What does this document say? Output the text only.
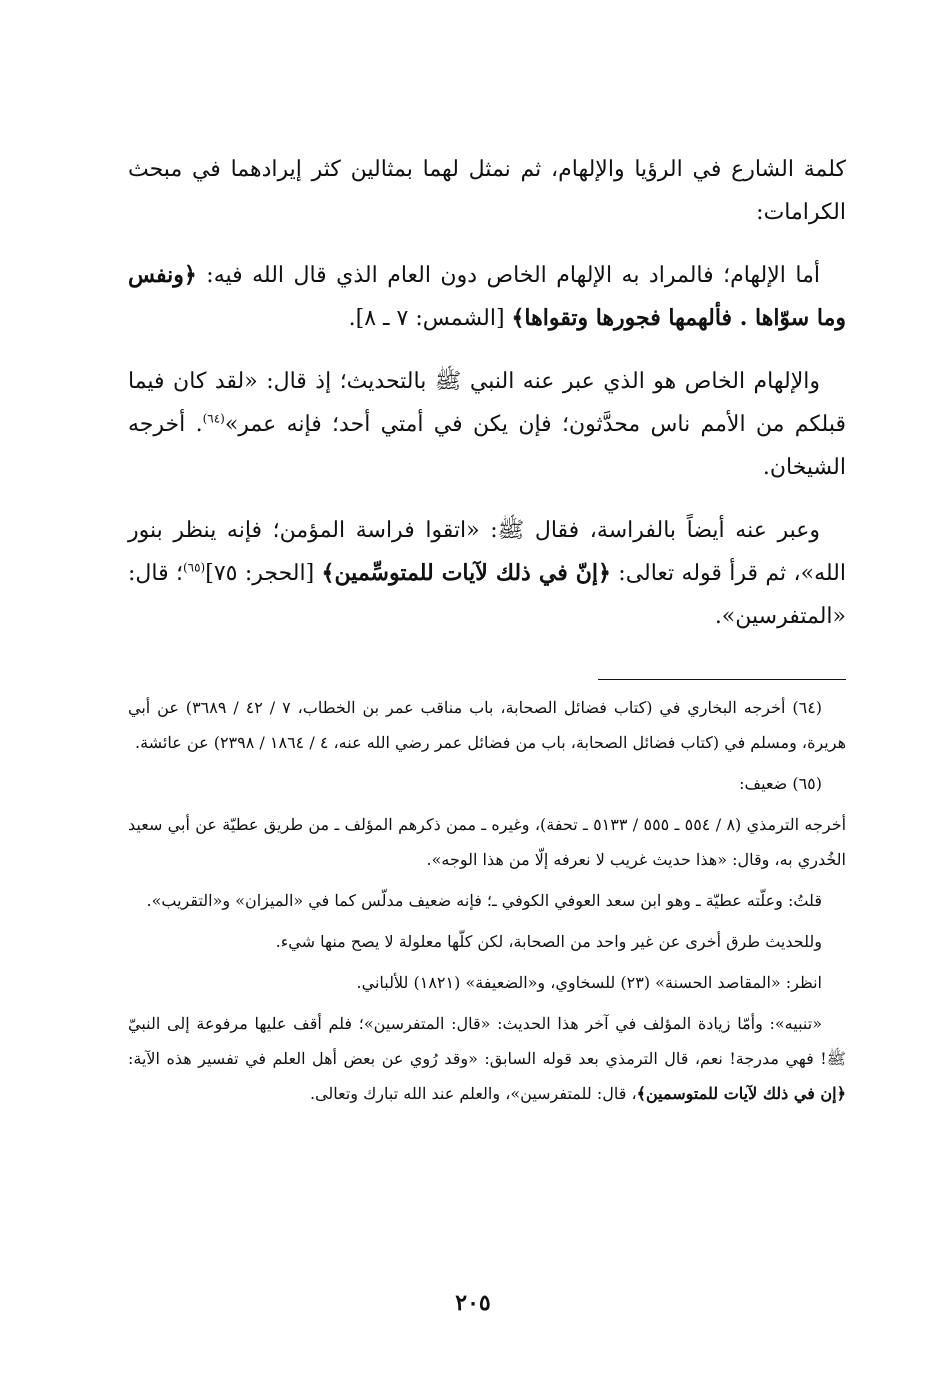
كلمة الشارع في الرؤيا والإلهام، ثم نمثل لهما بمثالين كثر إيرادهما في مبحث الكرامات:

أما الإلهام؛ فالمراد به الإلهام الخاص دون العام الذي قال الله فيه: ﴿ونفس وما سوّاها . فألهمها فجورها وتقواها﴾ [الشمس: ٧ ـ ٨].

والإلهام الخاص هو الذي عبر عنه النبي ﷺ بالتحديث؛ إذ قال: «لقد كان فيما قبلكم من الأمم ناس محدَّثون؛ فإن يكن في أمتي أحد؛ فإنه عمر»$^{(٦٤)}$. أخرجه الشيخان.

وعبر عنه أيضاً بالفراسة، فقال ﷺ: «اتقوا فراسة المؤمن؛ فإنه ينظر بنور الله»، ثم قرأ قوله تعالى: ﴿إنّ في ذلك لآيات للمتوسِّمين﴾ [الحجر: ٧٥]$^{(٦٥)}$؛ قال: «المتفرسين».

(٦٤) أخرجه البخاري في (كتاب فضائل الصحابة، باب مناقب عمر بن الخطاب، ٧ / ٤٢ / ٣٦٨٩) عن أبي هريرة، ومسلم في (كتاب فضائل الصحابة، باب من فضائل عمر رضي الله عنه، ٤ / ١٨٦٤ / ٢٣٩٨) عن عائشة.

(٦٥) ضعيف:

أخرجه الترمذي (٨ / ٥٥٤ ـ ٥٥٥ / ٥١٣٣ ـ تحفة)، وغيره ـ ممن ذكرهم المؤلف ـ من طريق عطيّة عن أبي سعيد الخُدري به، وقال: «هذا حديث غريب لا نعرفه إلّا من هذا الوجه».

قلتُ: وعلّته عطيّة ـ وهو ابن سعد العوفي الكوفي ـ؛ فإنه ضعيف مدلّس كما في «الميزان» و«التقريب».

وللحديث طرق أخرى عن غير واحد من الصحابة، لكن كلّها معلولة لا يصح منها شيء.

انظر: «المقاصد الحسنة» (٢٣) للسخاوي، و«الضعيفة» (١٨٢١) للألباني.

«تنبيه»: وأمّا زيادة المؤلف في آخر هذا الحديث: «قال: المتفرسين»؛ فلم أقف عليها مرفوعة إلى النبيّ ﷺ! فهي مدرجة! نعم، قال الترمذي بعد قوله السابق: «وقد رُوي عن بعض أهل العلم في تفسير هذه الآية: ﴿إن في ذلك لآيات للمتوسمين﴾، قال: للمتفرسين»، والعلم عند الله تبارك وتعالى.

٢٠٥
